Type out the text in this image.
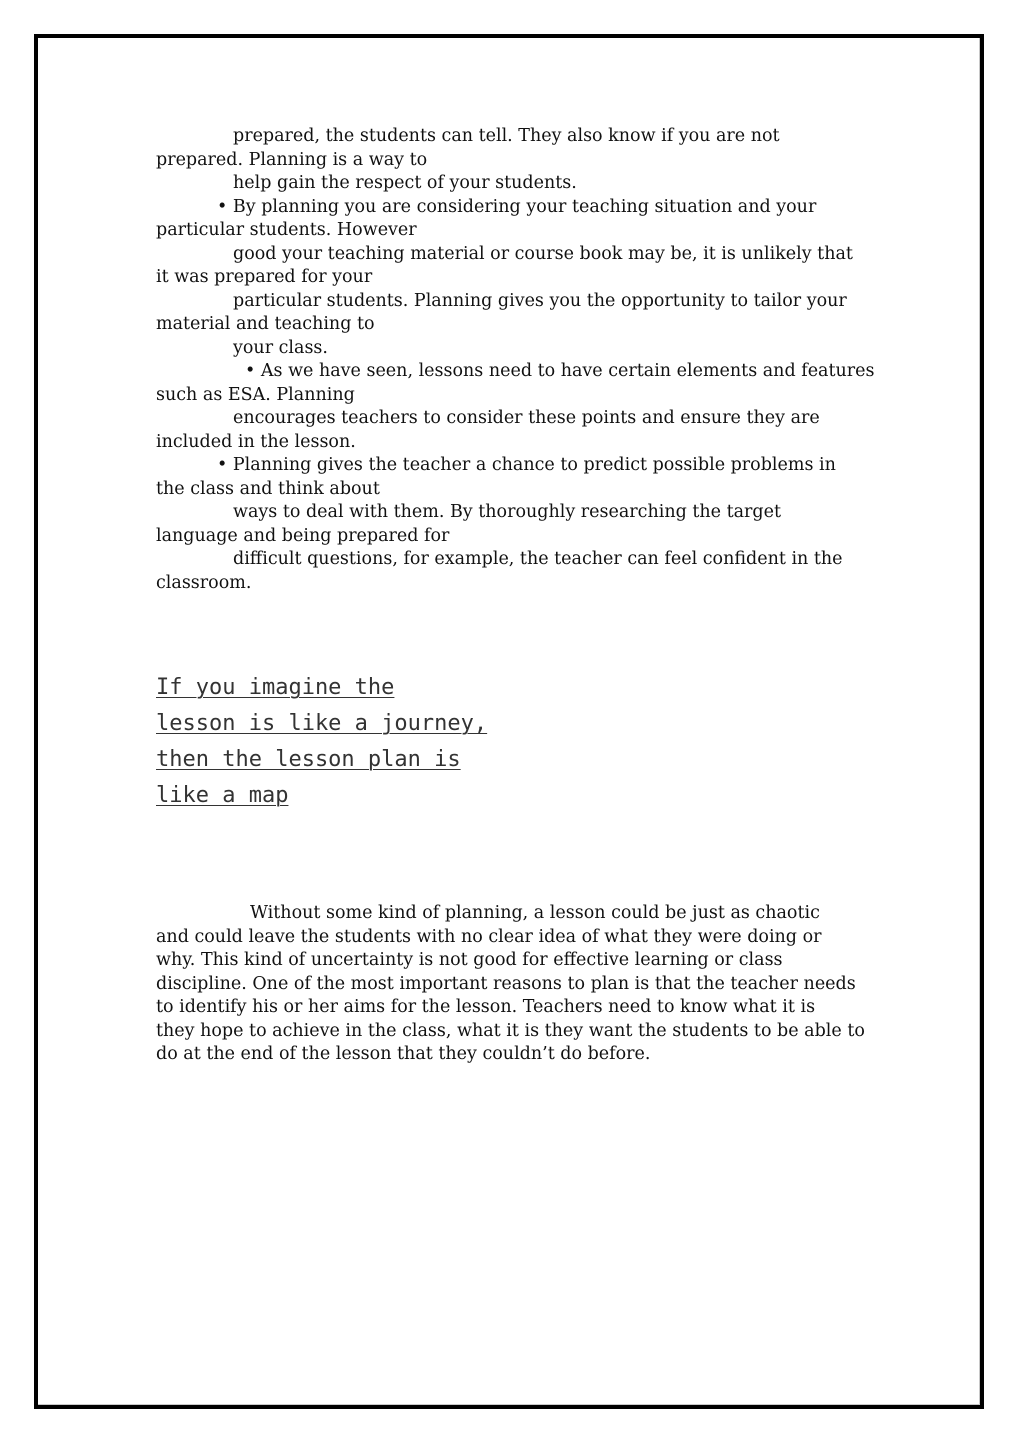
prepared, the students can tell. They also know if you are not
prepared. Planning is a way to
help gain the respect of your students.
• By planning you are considering your teaching situation and your
particular students. However
good your teaching material or course book may be, it is unlikely that
it was prepared for your
particular students. Planning gives you the opportunity to tailor your
material and teaching to
your class.
• As we have seen, lessons need to have certain elements and features
such as ESA. Planning
encourages teachers to consider these points and ensure they are
included in the lesson.
• Planning gives the teacher a chance to predict possible problems in
the class and think about
ways to deal with them. By thoroughly researching the target
language and being prepared for
difficult questions, for example, the teacher can feel confident in the
classroom.
If you imagine the
lesson is like a journey,
then the lesson plan is
like a map
Without some kind of planning, a lesson could be just as chaotic
and could leave the students with no clear idea of what they were doing or
why. This kind of uncertainty is not good for effective learning or class
discipline. One of the most important reasons to plan is that the teacher needs
to identify his or her aims for the lesson. Teachers need to know what it is
they hope to achieve in the class, what it is they want the students to be able to
do at the end of the lesson that they couldn’t do before.
